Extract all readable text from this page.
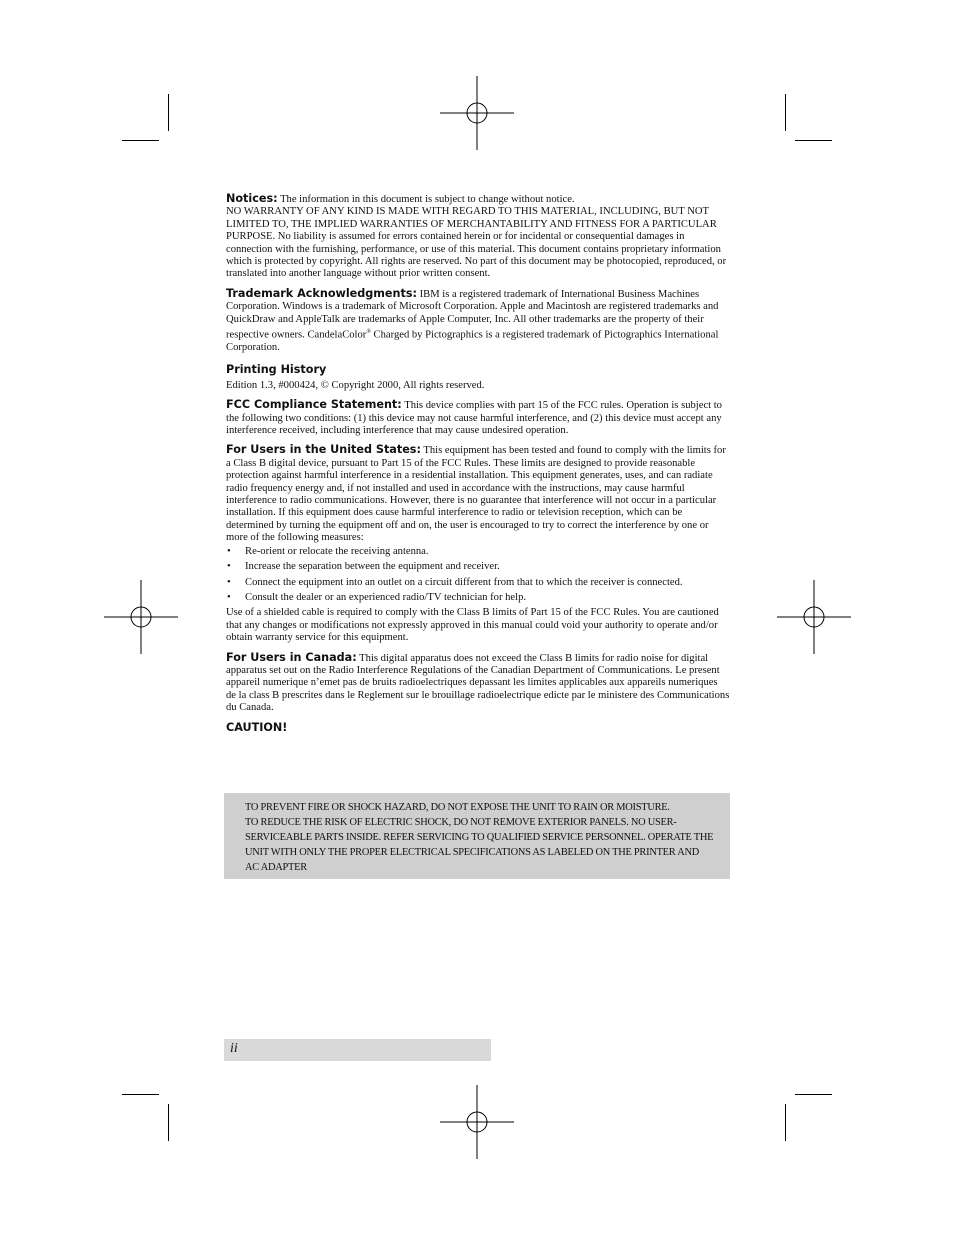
Notices: The information in this document is subject to change without notice.

NO WARRANTY OF ANY KIND IS MADE WITH REGARD TO THIS MATERIAL, INCLUDING, BUT NOT LIMITED TO, THE IMPLIED WARRANTIES OF MERCHANTABILITY AND FITNESS FOR A PARTICULAR PURPOSE. No liability is assumed for errors contained herein or for incidental or consequential damages in connection with the furnishing, performance, or use of this material. This document contains proprietary information which is protected by copyright. All rights are reserved. No part of this document may be photocopied, reproduced, or translated into another language without prior written consent.

Trademark Acknowledgments: IBM is a registered trademark of International Business Machines Corporation. Windows is a trademark of Microsoft Corporation. Apple and Macintosh are registered trademarks and QuickDraw and AppleTalk are trademarks of Apple Computer, Inc. All other trademarks are the property of their respective owners. CandelaColor® Charged by Pictographics is a registered trademark of Pictographics International Corporation.

Printing History

Edition 1.3, #000424, © Copyright 2000, All rights reserved.

FCC Compliance Statement: This device complies with part 15 of the FCC rules. Operation is subject to the following two conditions: (1) this device may not cause harmful interference, and (2) this device must accept any interference received, including interference that may cause undesired operation.

For Users in the United States: This equipment has been tested and found to comply with the limits for a Class B digital device, pursuant to Part 15 of the FCC Rules. These limits are designed to provide reasonable protection against harmful interference in a residential installation. This equipment generates, uses, and can radiate radio frequency energy and, if not installed and used in accordance with the instructions, may cause harmful interference to radio communications. However, there is no guarantee that interference will not occur in a particular installation. If this equipment does cause harmful interference to radio or television reception, which can be determined by turning the equipment off and on, the user is encouraged to try to correct the interference by one or more of the following measures:

• Re-orient or relocate the receiving antenna.
• Increase the separation between the equipment and receiver.
• Connect the equipment into an outlet on a circuit different from that to which the receiver is connected.
• Consult the dealer or an experienced radio/TV technician for help.

Use of a shielded cable is required to comply with the Class B limits of Part 15 of the FCC Rules. You are cautioned that any changes or modifications not expressly approved in this manual could void your authority to operate and/or obtain warranty service for this equipment.

For Users in Canada: This digital apparatus does not exceed the Class B limits for radio noise for digital apparatus set out on the Radio Interference Regulations of the Canadian Department of Communications. Le present appareil numerique n’emet pas de bruits radioelectriques depassant les limites applicables aux appareils numeriques de la class B prescrites dans le Reglement sur le brouillage radioelectrique edicte par le ministere des Communications du Canada.

CAUTION!

TO PREVENT FIRE OR SHOCK HAZARD, DO NOT EXPOSE THE UNIT TO RAIN OR MOISTURE.

TO REDUCE THE RISK OF ELECTRIC SHOCK, DO NOT REMOVE EXTERIOR PANELS. NO USER-SERVICEABLE PARTS INSIDE. REFER SERVICING TO QUALIFIED SERVICE PERSONNEL. OPERATE THE UNIT WITH ONLY THE PROPER ELECTRICAL SPECIFICATIONS AS LABELED ON THE PRINTER AND AC ADAPTER

ii
